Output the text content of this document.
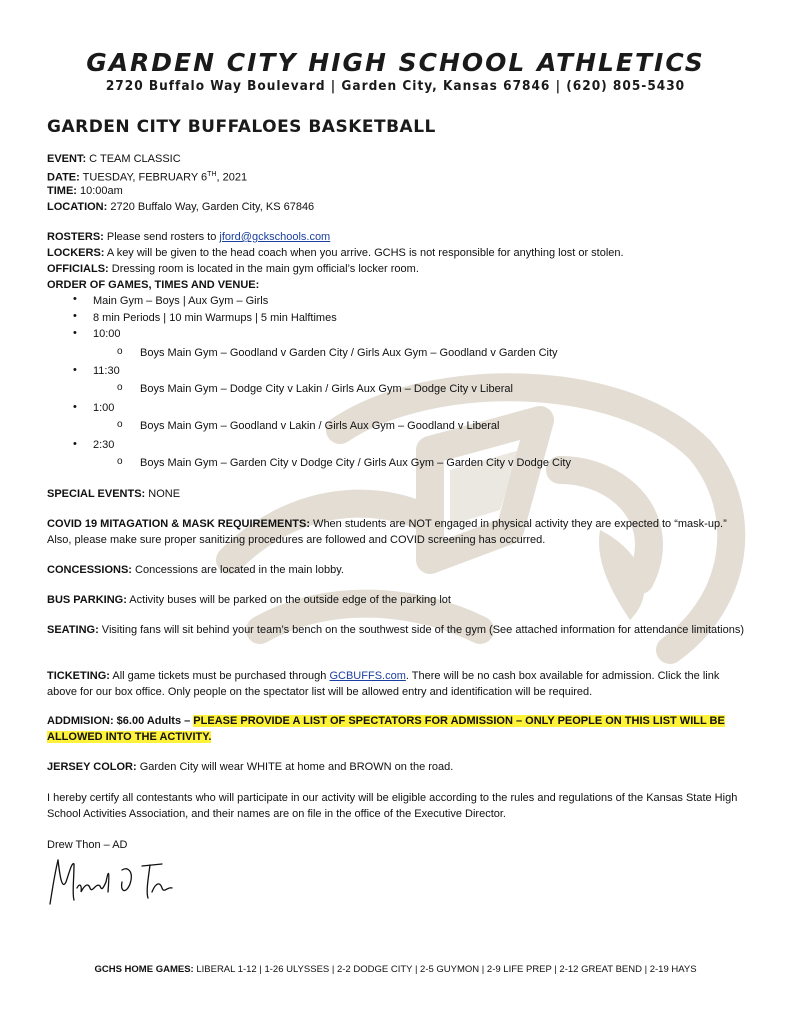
GARDEN CITY HIGH SCHOOL ATHLETICS
2720 Buffalo Way Boulevard | Garden City, Kansas 67846 | (620) 805-5430
GARDEN CITY BUFFALOES BASKETBALL
EVENT: C TEAM CLASSIC
DATE: TUESDAY, FEBRUARY 6TH, 2021
TIME: 10:00am
LOCATION: 2720 Buffalo Way, Garden City, KS 67846
ROSTERS: Please send rosters to jford@gckschools.com
LOCKERS: A key will be given to the head coach when you arrive. GCHS is not responsible for anything lost or stolen.
OFFICIALS: Dressing room is located in the main gym official’s locker room.
ORDER OF GAMES, TIMES AND VENUE:
• Main Gym – Boys | Aux Gym – Girls
• 8 min Periods | 10 min Warmups | 5 min Halftimes
• 10:00
o Boys Main Gym – Goodland v Garden City / Girls Aux Gym – Goodland v Garden City
• 11:30
o Boys Main Gym – Dodge City v Lakin / Girls Aux Gym – Dodge City v Liberal
• 1:00
o Boys Main Gym – Goodland v Lakin / Girls Aux Gym – Goodland v Liberal
• 2:30
o Boys Main Gym – Garden City v Dodge City / Girls Aux Gym – Garden City v Dodge City
SPECIAL EVENTS: NONE
COVID 19 MITAGATION & MASK REQUIREMENTS: When students are NOT engaged in physical activity they are expected to “mask-up.” Also, please make sure proper sanitizing procedures are followed and COVID screening has occurred.
CONCESSIONS: Concessions are located in the main lobby.
BUS PARKING: Activity buses will be parked on the outside edge of the parking lot
SEATING: Visiting fans will sit behind your team’s bench on the southwest side of the gym (See attached information for attendance limitations)
TICKETING: All game tickets must be purchased through GCBUFFS.com. There will be no cash box available for admission. Click the link above for our box office. Only people on the spectator list will be allowed entry and identification will be required.
ADDMISION: $6.00 Adults – PLEASE PROVIDE A LIST OF SPECTATORS FOR ADMISSION – ONLY PEOPLE ON THIS LIST WILL BE ALLOWED INTO THE ACTIVITY.
JERSEY COLOR: Garden City will wear WHITE at home and BROWN on the road.
I hereby certify all contestants who will participate in our activity will be eligible according to the rules and regulations of the Kansas State High School Activities Association, and their names are on file in the office of the Executive Director.
Drew Thon – AD
GCHS HOME GAMES: LIBERAL 1-12 | 1-26 ULYSSES | 2-2 DODGE CITY | 2-5 GUYMON | 2-9 LIFE PREP | 2-12 GREAT BEND | 2-19 HAYS
